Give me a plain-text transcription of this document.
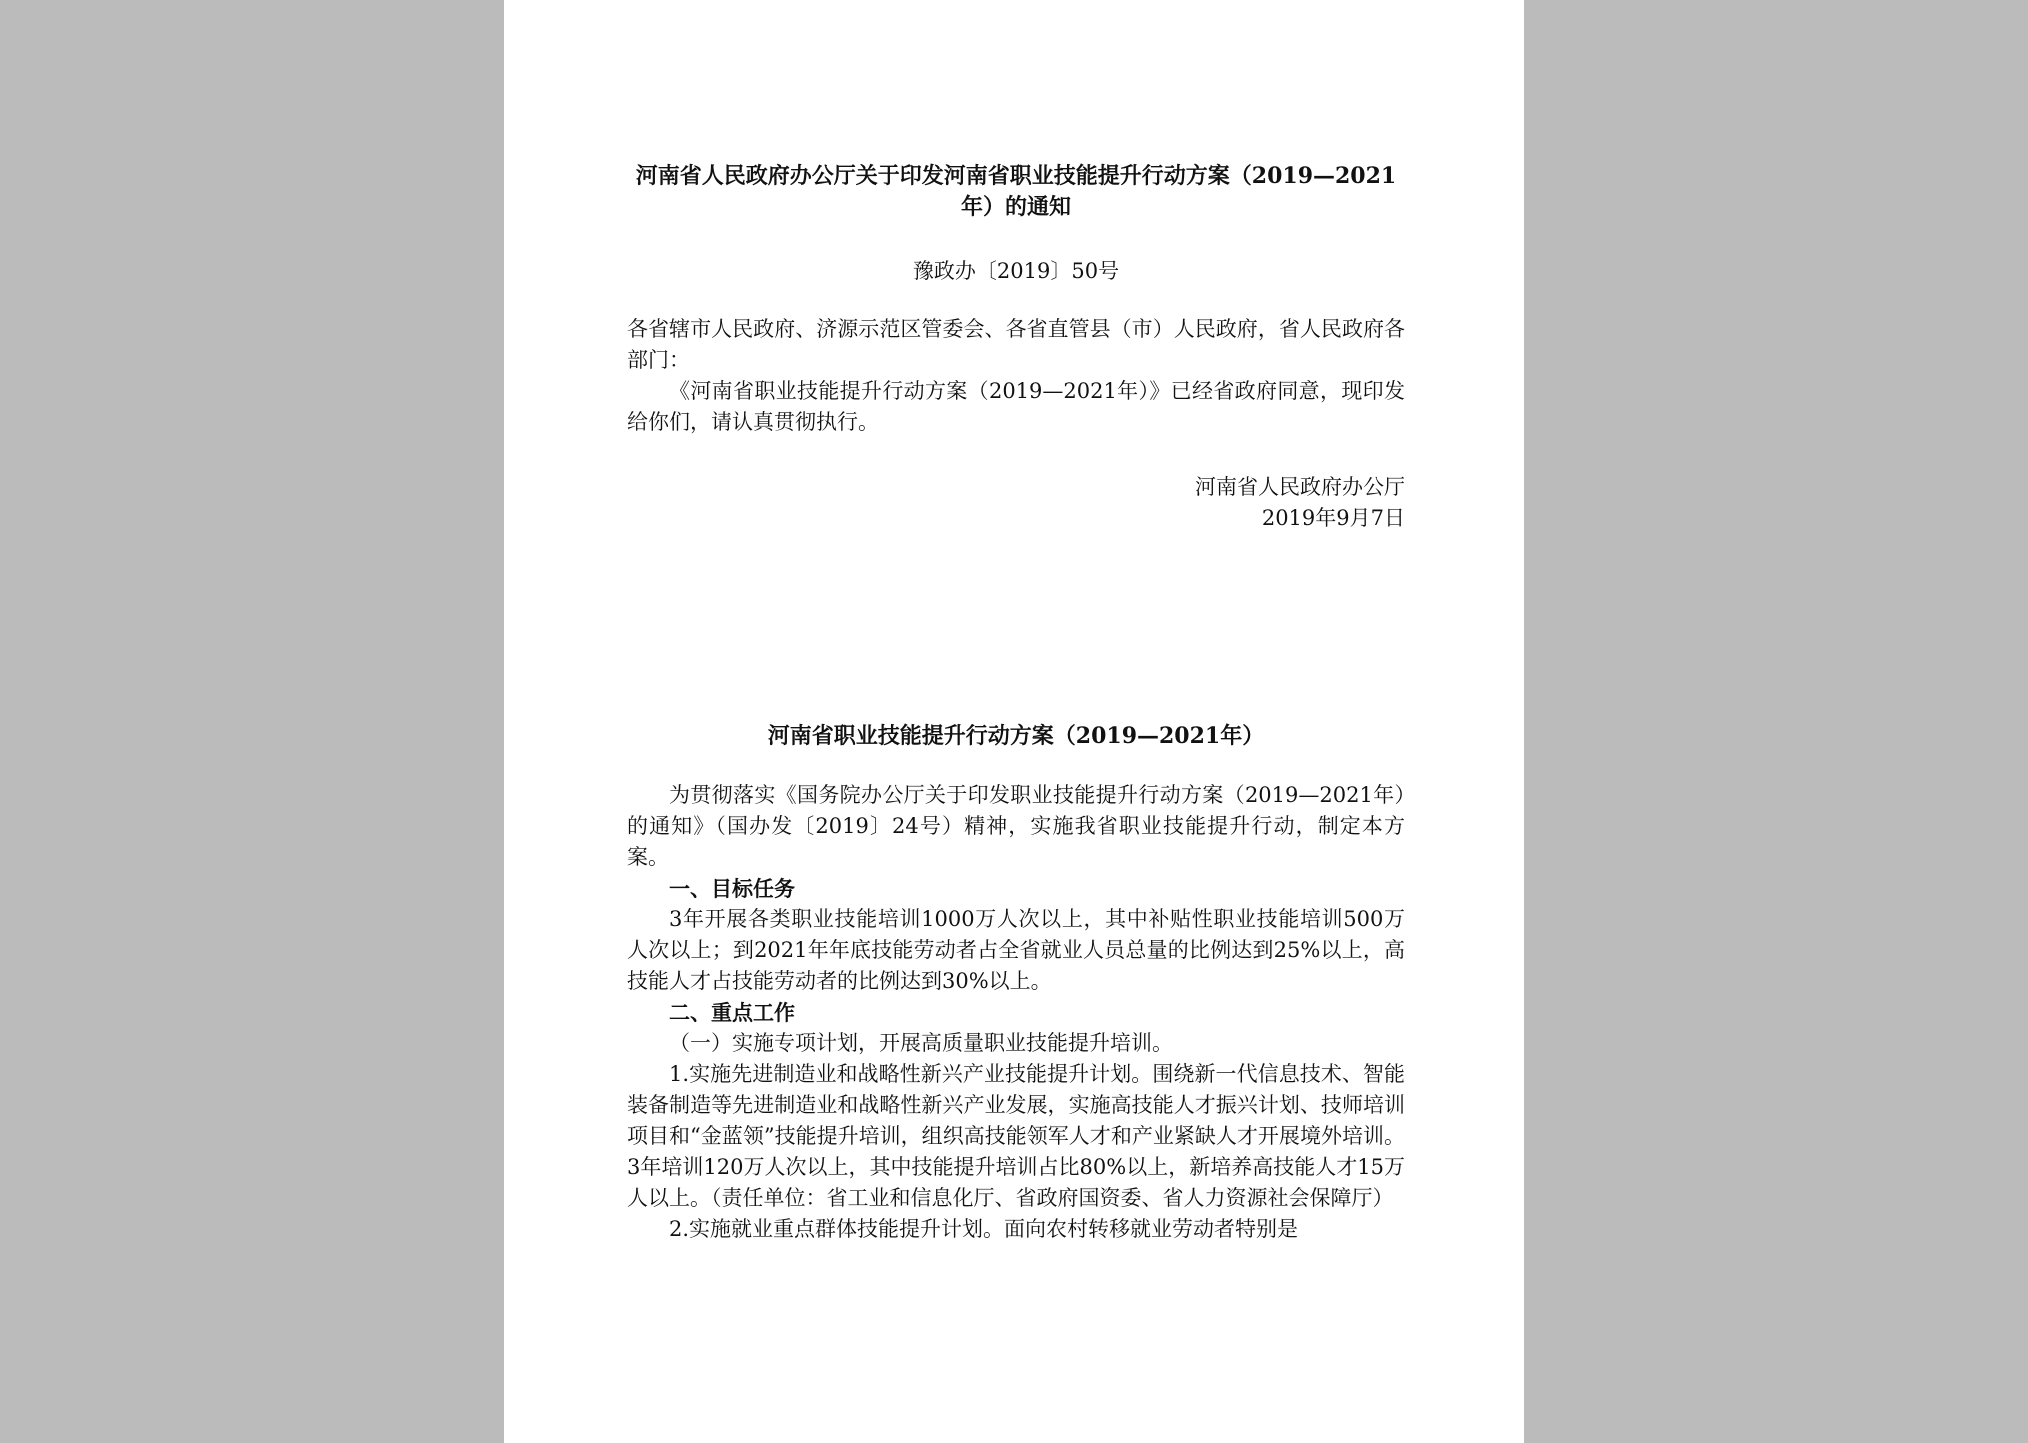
河南省人民政府办公厅关于印发河南省职业技能提升行动方案（2019—2021年）的通知

豫政办〔2019〕50号

各省辖市人民政府、济源示范区管委会、各省直管县（市）人民政府，省人民政府各部门：

《河南省职业技能提升行动方案（2019—2021年）》已经省政府同意，现印发给你们，请认真贯彻执行。

河南省人民政府办公厅

2019年9月7日

河南省职业技能提升行动方案（2019—2021年）

为贯彻落实《国务院办公厅关于印发职业技能提升行动方案（2019—2021年）的通知》（国办发〔2019〕24号）精神，实施我省职业技能提升行动，制定本方案。

一、目标任务

3年开展各类职业技能培训1000万人次以上，其中补贴性职业技能培训500万人次以上；到2021年年底技能劳动者占全省就业人员总量的比例达到25%以上，高技能人才占技能劳动者的比例达到30%以上。

二、重点工作

（一）实施专项计划，开展高质量职业技能提升培训。

1.实施先进制造业和战略性新兴产业技能提升计划。围绕新一代信息技术、智能装备制造等先进制造业和战略性新兴产业发展，实施高技能人才振兴计划、技师培训项目和“金蓝领”技能提升培训，组织高技能领军人才和产业紧缺人才开展境外培训。3年培训120万人次以上，其中技能提升培训占比80%以上，新培养高技能人才15万人以上。（责任单位：省工业和信息化厅、省政府国资委、省人力资源社会保障厅）

2.实施就业重点群体技能提升计划。面向农村转移就业劳动者特别是
